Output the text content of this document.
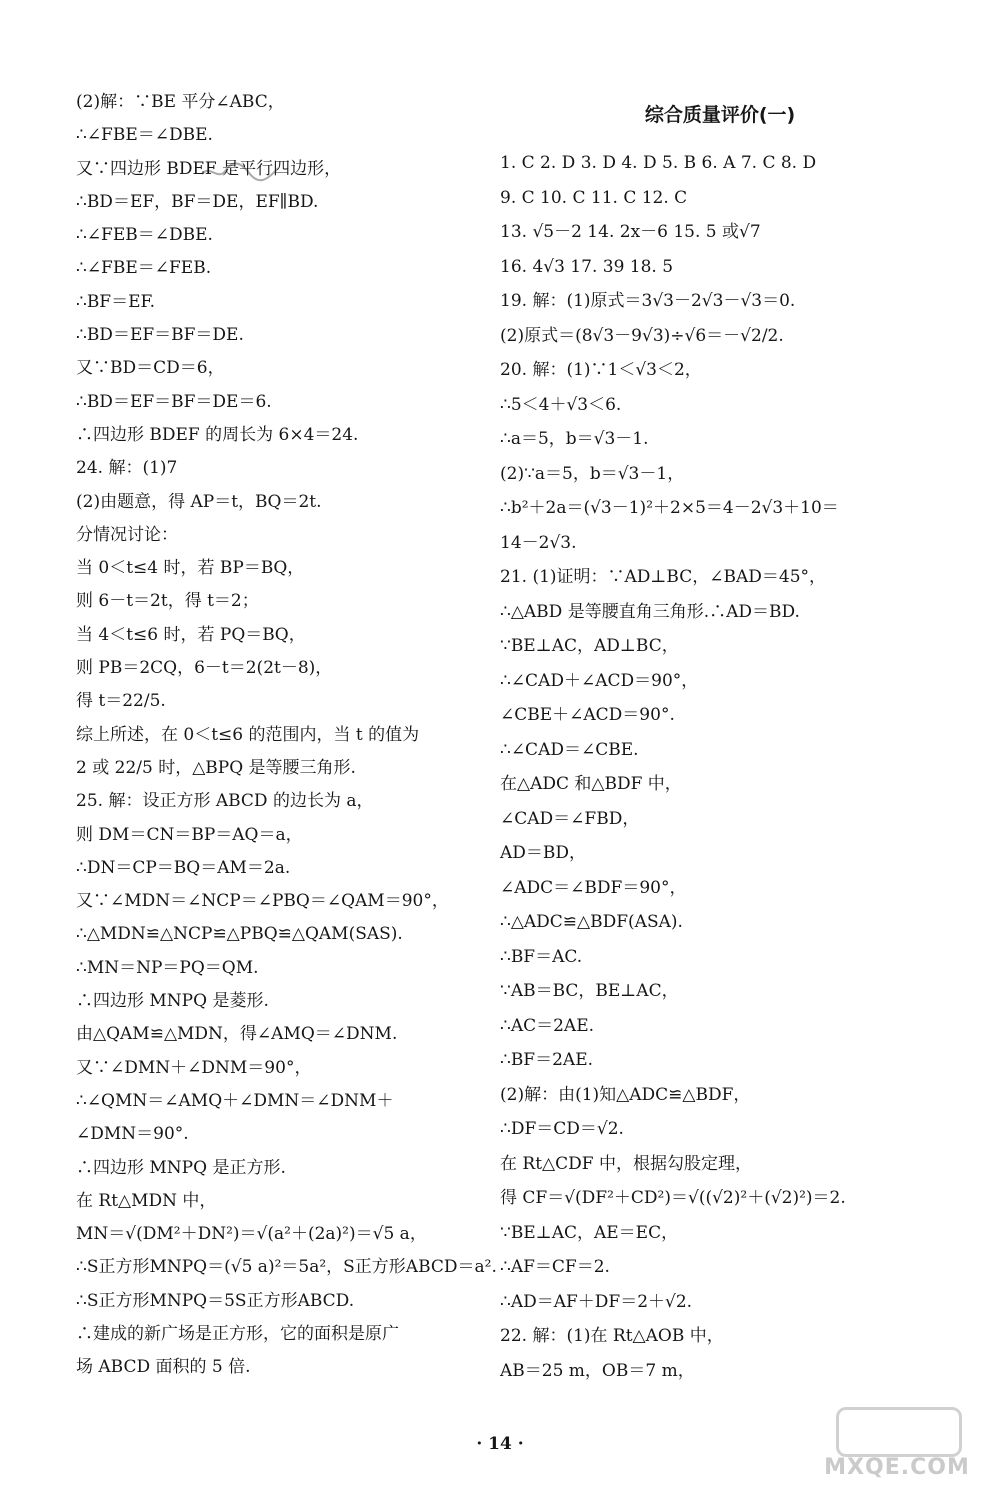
(2)解：∵BE 平分∠ABC，
∴∠FBE＝∠DBE.
又∵四边形 BDEF 是平行四边形，
∴BD＝EF，BF＝DE，EF∥BD.
∴∠FEB＝∠DBE.
∴∠FBE＝∠FEB.
∴BF＝EF.
∴BD＝EF＝BF＝DE.
又∵BD＝CD＝6，
∴BD＝EF＝BF＝DE＝6.
∴四边形 BDEF 的周长为 6×4＝24.
24. 解：(1)7
(2)由题意，得 AP＝t，BQ＝2t.
分情况讨论：
当 0＜t≤4 时，若 BP＝BQ，
则 6－t＝2t，得 t＝2；
当 4＜t≤6 时，若 PQ＝BQ，
则 PB＝2CQ，6－t＝2(2t－8)，
得 t＝22/5.
综上所述，在 0＜t≤6 的范围内，当 t 的值为
2 或 22/5 时，△BPQ 是等腰三角形.
25. 解：设正方形 ABCD 的边长为 a，
则 DM＝CN＝BP＝AQ＝a，
∴DN＝CP＝BQ＝AM＝2a.
又∵∠MDN＝∠NCP＝∠PBQ＝∠QAM＝90°，
∴△MDN≌△NCP≌△PBQ≌△QAM(SAS).
∴MN＝NP＝PQ＝QM.
∴四边形 MNPQ 是菱形.
由△QAM≌△MDN，得∠AMQ＝∠DNM.
又∵∠DMN＋∠DNM＝90°，
∴∠QMN＝∠AMQ＋∠DMN＝∠DNM＋
∠DMN＝90°.
∴四边形 MNPQ 是正方形.
在 Rt△MDN 中，
MN＝√(DM²＋DN²)＝√(a²＋(2a)²)＝√5 a，
∴S正方形MNPQ＝(√5 a)²＝5a²，S正方形ABCD＝a².
∴S正方形MNPQ＝5S正方形ABCD.
∴建成的新广场是正方形，它的面积是原广
场 ABCD 面积的 5 倍.
综合质量评价(一)
1. C 2. D 3. D 4. D 5. B 6. A 7. C 8. D
9. C 10. C 11. C 12. C
13. √5－2 14. 2x－6 15. 5 或√7
16. 4√3 17. 39 18. 5
19. 解：(1)原式＝3√3－2√3－√3＝0.
(2)原式＝(8√3－9√3)÷√6＝－√2/2.
20. 解：(1)∵1＜√3＜2，
∴5＜4＋√3＜6.
∴a＝5，b＝√3－1.
(2)∵a＝5，b＝√3－1，
∴b²＋2a＝(√3－1)²＋2×5＝4－2√3＋10＝
14－2√3.
21. (1)证明：∵AD⊥BC，∠BAD＝45°，
∴△ABD 是等腰直角三角形.∴AD＝BD.
∵BE⊥AC，AD⊥BC，
∴∠CAD＋∠ACD＝90°，
∠CBE＋∠ACD＝90°.
∴∠CAD＝∠CBE.
在△ADC 和△BDF 中，
∠CAD＝∠FBD，
AD＝BD，
∠ADC＝∠BDF＝90°，
∴△ADC≌△BDF(ASA).
∴BF＝AC.
∵AB＝BC，BE⊥AC，
∴AC＝2AE.
∴BF＝2AE.
(2)解：由(1)知△ADC≌△BDF，
∴DF＝CD＝√2.
在 Rt△CDF 中，根据勾股定理，
得 CF＝√(DF²＋CD²)＝√((√2)²＋(√2)²)＝2.
∵BE⊥AC，AE＝EC，
∴AF＝CF＝2.
∴AD＝AF＋DF＝2＋√2.
22. 解：(1)在 Rt△AOB 中，
AB＝25 m，OB＝7 m，
· 14 ·
MXQE.COM
